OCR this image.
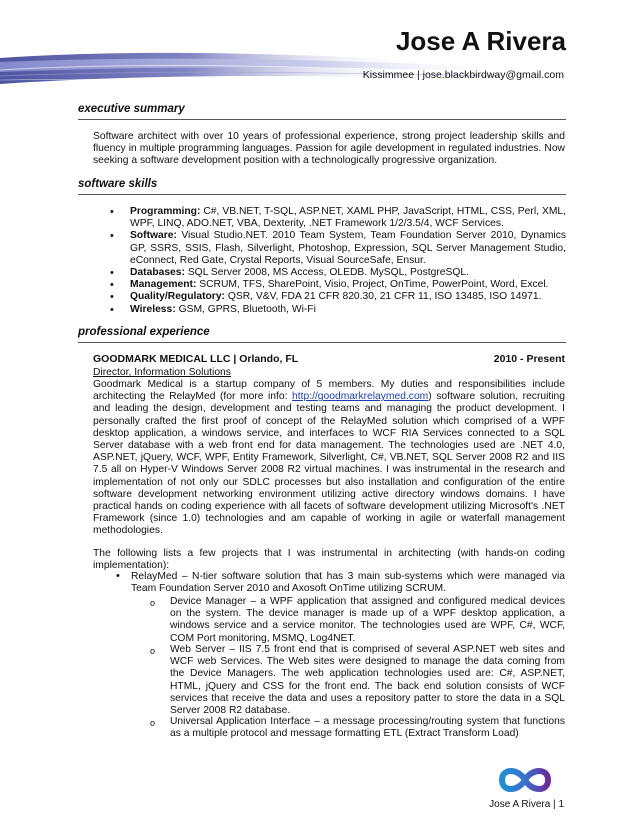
Jose A Rivera
Kissimmee | jose.blackbirdway@gmail.com
executive summary
Software architect with over 10 years of professional experience, strong project leadership skills and fluency in multiple programming languages. Passion for agile development in regulated industries. Now seeking a software development position with a technologically progressive organization.
software skills
• Programming: C#, VB.NET, T-SQL, ASP.NET, XAML PHP, JavaScript, HTML, CSS, Perl, XML, WPF, LINQ, ADO.NET, VBA, Dexterity, .NET Framework 1/2/3.5/4, WCF Services.
• Software: Visual Studio.NET. 2010 Team System, Team Foundation Server 2010, Dynamics GP, SSRS, SSIS, Flash, Silverlight, Photoshop, Expression, SQL Server Management Studio, eConnect, Red Gate, Crystal Reports, Visual SourceSafe, Ensur.
• Databases: SQL Server 2008, MS Access, OLEDB. MySQL, PostgreSQL.
• Management: SCRUM, TFS, SharePoint, Visio, Project, OnTime, PowerPoint, Word, Excel.
• Quality/Regulatory: QSR, V&V, FDA 21 CFR 820.30, 21 CFR 11, ISO 13485, ISO 14971.
• Wireless: GSM, GPRS, Bluetooth, Wi-Fi
professional experience
GOODMARK MEDICAL LLC | Orlando, FL	2010 - Present
Director, Information Solutions
Goodmark Medical is a startup company of 5 members. My duties and responsibilities include architecting the RelayMed (for more info: http://goodmarkrelaymed.com) software solution, recruiting and leading the design, development and testing teams and managing the product development. I personally crafted the first proof of concept of the RelayMed solution which comprised of a WPF desktop application, a windows service, and interfaces to WCF RIA Services connected to a SQL Server database with a web front end for data management. The technologies used are .NET 4.0, ASP.NET, jQuery, WCF, WPF, Entity Framework, Silverlight, C#, VB.NET, SQL Server 2008 R2 and IIS 7.5 all on Hyper-V Windows Server 2008 R2 virtual machines. I was instrumental in the research and implementation of not only our SDLC processes but also installation and configuration of the entire software development networking environment utilizing active directory windows domains. I have practical hands on coding experience with all facets of software development utilizing Microsoft's .NET Framework (since 1.0) technologies and am capable of working in agile or waterfall management methodologies.
The following lists a few projects that I was instrumental in architecting (with hands-on coding implementation):
• RelayMed – N-tier software solution that has 3 main sub-systems which were managed via Team Foundation Server 2010 and Axosoft OnTime utilizing SCRUM.
o Device Manager – a WPF application that assigned and configured medical devices on the system. The device manager is made up of a WPF desktop application, a windows service and a service monitor. The technologies used are WPF, C#, WCF, COM Port monitoring, MSMQ, Log4NET.
o Web Server – IIS 7.5 front end that is comprised of several ASP.NET web sites and WCF web Services. The Web sites were designed to manage the data coming from the Device Managers. The web application technologies used are: C#, ASP.NET, HTML, jQuery and CSS for the front end. The back end solution consists of WCF services that receive the data and uses a repository patter to store the data in a SQL Server 2008 R2 database.
o Universal Application Interface – a message processing/routing system that functions as a multiple protocol and message formatting ETL (Extract Transform Load)
Jose A Rivera | 1
